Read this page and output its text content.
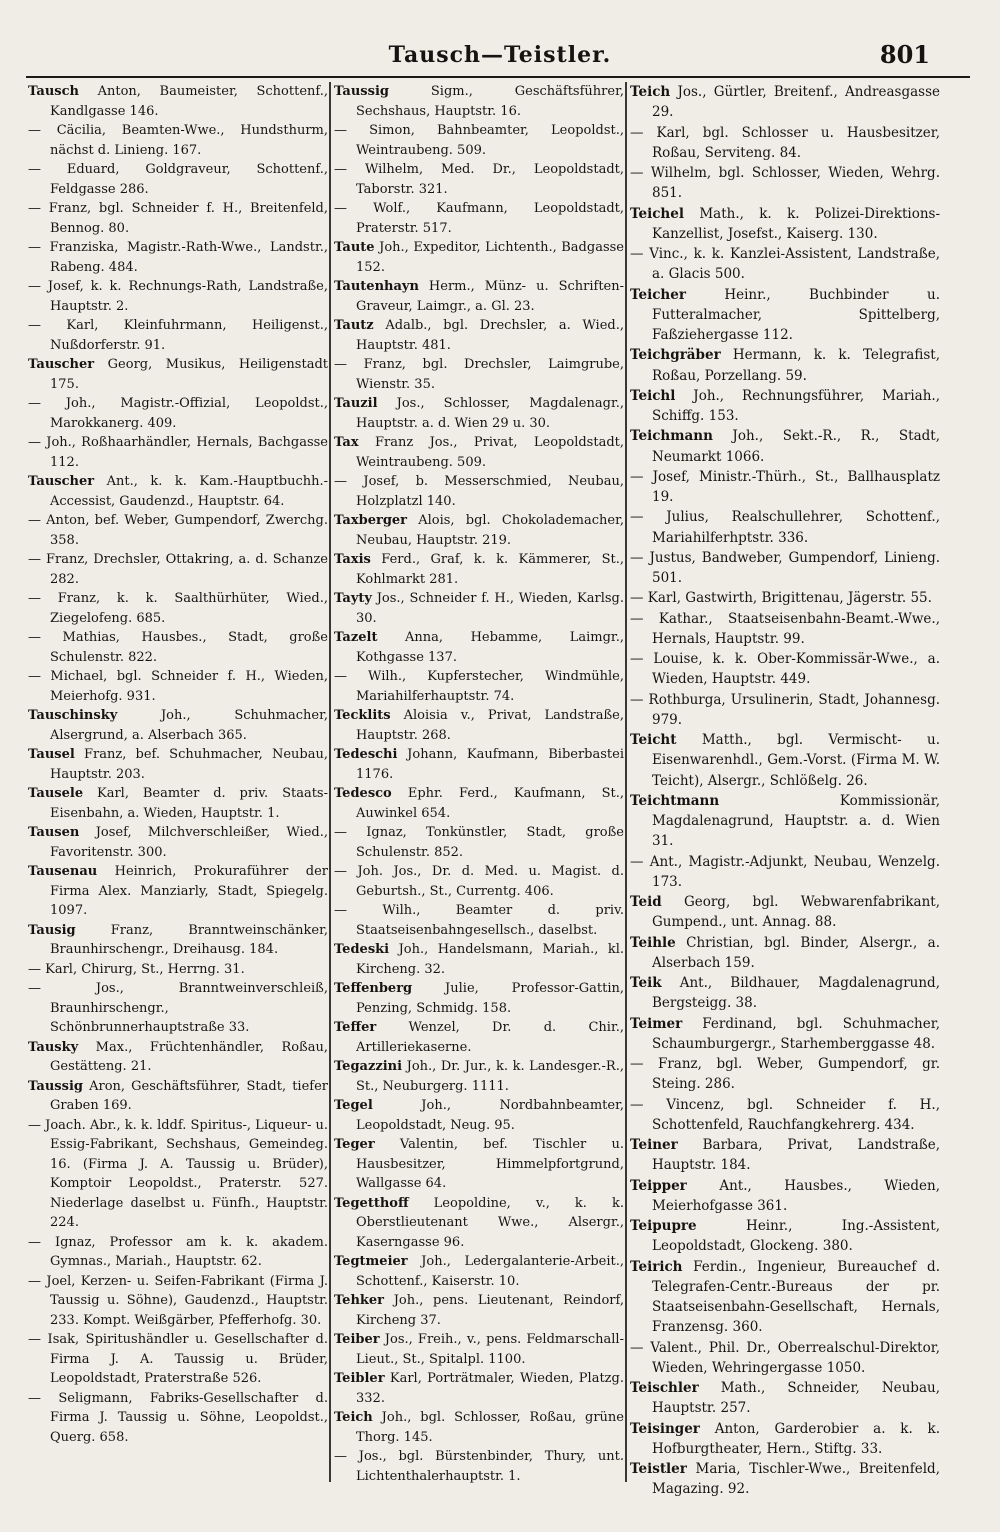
Tausch—Teistler.	801

Tausch Anton, Baumeister, Schottenf., Kandlgasse 146.

— Cäcilia, Beamten-Wwe., Hundsthurm, nächst d. Linieng. 167.

— Eduard, Goldgraveur, Schottenf., Feldgasse 286.

— Franz, bgl. Schneider f. H., Breitenfeld, Bennog. 80.

— Franziska, Magistr.-Rath-Wwe., Landstr., Rabeng. 484.

— Josef, k. k. Rechnungs-Rath, Landstraße, Hauptstr. 2.

— Karl, Kleinfuhrmann, Heiligenst., Nußdorferstr. 91.

Tauscher Georg, Musikus, Heiligenstadt 175.

— Joh., Magistr.-Offizial, Leopoldst., Marokkanerg. 409.

— Joh., Roßhaarhändler, Hernals, Bachgasse 112.

Tauscher Ant., k. k. Kam.-Hauptbuchh.-Accessist, Gaudenzd., Hauptstr. 64.

— Anton, bef. Weber, Gumpendorf, Zwerchg. 358.

— Franz, Drechsler, Ottakring, a. d. Schanze 282.

— Franz, k. k. Saalthürhüter, Wied., Ziegelofeng. 685.

— Mathias, Hausbes., Stadt, große Schulenstr. 822.

— Michael, bgl. Schneider f. H., Wieden, Meierhofg. 931.

Tauschinsky Joh., Schuhmacher, Alsergrund, a. Alserbach 365.

Tausel Franz, bef. Schuhmacher, Neubau, Hauptstr. 203.

Tausele Karl, Beamter d. priv. Staats-Eisenbahn, a. Wieden, Hauptstr. 1.

Tausen Josef, Milchverschleißer, Wied., Favoritenstr. 300.

Tausenau Heinrich, Prokuraführer der Firma Alex. Manziarly, Stadt, Spiegelg. 1097.

Tausig Franz, Branntweinschänker, Braunhirschengr., Dreihausg. 184.

— Karl, Chirurg, St., Herrng. 31.

— Jos., Branntweinverschleiß, Braunhirschengr., Schönbrunnerhauptstraße 33.

Tausky Max., Früchtenhändler, Roßau, Gestätteng. 21.

Taussig Aron, Geschäftsführer, Stadt, tiefer Graben 169.

— Joach. Abr., k. k. lddf. Spiritus-, Liqueur- u. Essig-Fabrikant, Sechshaus, Gemeindeg. 16. (Firma J. A. Taussig u. Brüder), Komptoir Leopoldst., Praterstr. 527. Niederlage daselbst u. Fünfh., Hauptstr. 224.

— Ignaz, Professor am k. k. akadem. Gymnas., Mariah., Hauptstr. 62.

— Joel, Kerzen- u. Seifen-Fabrikant (Firma J. Taussig u. Söhne), Gaudenzd., Hauptstr. 233. Kompt. Weißgärber, Pfefferhofg. 30.

— Isak, Spiritushändler u. Gesellschafter d. Firma J. A. Taussig u. Brüder, Leopoldstadt, Praterstraße 526.

— Seligmann, Fabriks-Gesellschafter d. Firma J. Taussig u. Söhne, Leopoldst., Querg. 658.

Taussig Sigm., Geschäftsführer, Sechshaus, Hauptstr. 16.

— Simon, Bahnbeamter, Leopoldst., Weintraubeng. 509.

— Wilhelm, Med. Dr., Leopoldstadt, Taborstr. 321.

— Wolf., Kaufmann, Leopoldstadt, Praterstr. 517.

Taute Joh., Expeditor, Lichtenth., Badgasse 152.

Tautenhayn Herm., Münz- u. Schriften-Graveur, Laimgr., a. Gl. 23.

Tautz Adalb., bgl. Drechsler, a. Wied., Hauptstr. 481.

— Franz, bgl. Drechsler, Laimgrube, Wienstr. 35.

Tauzil Jos., Schlosser, Magdalenagr., Hauptstr. a. d. Wien 29 u. 30.

Tax Franz Jos., Privat, Leopoldstadt, Weintraubeng. 509.

— Josef, b. Messerschmied, Neubau, Holzplatzl 140.

Taxberger Alois, bgl. Chokolademacher, Neubau, Hauptstr. 219.

Taxis Ferd., Graf, k. k. Kämmerer, St., Kohlmarkt 281.

Tayty Jos., Schneider f. H., Wieden, Karlsg. 30.

Tazelt Anna, Hebamme, Laimgr., Kothgasse 137.

— Wilh., Kupferstecher, Windmühle, Mariahilferhauptstr. 74.

Tecklits Aloisia v., Privat, Landstraße, Hauptstr. 268.

Tedeschi Johann, Kaufmann, Biberbastei 1176.

Tedesco Ephr. Ferd., Kaufmann, St., Auwinkel 654.

— Ignaz, Tonkünstler, Stadt, große Schulenstr. 852.

— Joh. Jos., Dr. d. Med. u. Magist. d. Geburtsh., St., Currentg. 406.

— Wilh., Beamter d. priv. Staatseisenbahngesellsch., daselbst.

Tedeski Joh., Handelsmann, Mariah., kl. Kircheng. 32.

Teffenberg Julie, Professor-Gattin, Penzing, Schmidg. 158.

Teffer Wenzel, Dr. d. Chir., Artilleriekaserne.

Tegazzini Joh., Dr. Jur., k. k. Landesger.-R., St., Neuburgerg. 1111.

Tegel Joh., Nordbahnbeamter, Leopoldstadt, Neug. 95.

Teger Valentin, bef. Tischler u. Hausbesitzer, Himmelpfortgrund, Wallgasse 64.

Tegetthoff Leopoldine, v., k. k. Oberstlieutenant Wwe., Alsergr., Kaserngasse 96.

Tegtmeier Joh., Ledergalanterie-Arbeit., Schottenf., Kaiserstr. 10.

Tehker Joh., pens. Lieutenant, Reindorf, Kircheng 37.

Teiber Jos., Freih., v., pens. Feldmarschall-Lieut., St., Spitalpl. 1100.

Teibler Karl, Porträtmaler, Wieden, Platzg. 332.

Teich Joh., bgl. Schlosser, Roßau, grüne Thorg. 145.

— Jos., bgl. Bürstenbinder, Thury, unt. Lichtenthalerhauptstr. 1.

Teich Jos., Gürtler, Breitenf., Andreasgasse 29.

— Karl, bgl. Schlosser u. Hausbesitzer, Roßau, Serviteng. 84.

— Wilhelm, bgl. Schlosser, Wieden, Wehrg. 851.

Teichel Math., k. k. Polizei-Direktions-Kanzellist, Josefst., Kaiserg. 130.

— Vinc., k. k. Kanzlei-Assistent, Landstraße, a. Glacis 500.

Teicher Heinr., Buchbinder u. Futteralmacher, Spittelberg, Faßziehergasse 112.

Teichgräber Hermann, k. k. Telegrafist, Roßau, Porzellang. 59.

Teichl Joh., Rechnungsführer, Mariah., Schiffg. 153.

Teichmann Joh., Sekt.-R., R., Stadt, Neumarkt 1066.

— Josef, Ministr.-Thürh., St., Ballhausplatz 19.

— Julius, Realschullehrer, Schottenf., Mariahilferhptstr. 336.

— Justus, Bandweber, Gumpendorf, Linieng. 501.

— Karl, Gastwirth, Brigittenau, Jägerstr. 55.

— Kathar., Staatseisenbahn-Beamt.-Wwe., Hernals, Hauptstr. 99.

— Louise, k. k. Ober-Kommissär-Wwe., a. Wieden, Hauptstr. 449.

— Rothburga, Ursulinerin, Stadt, Johannesg. 979.

Teicht Matth., bgl. Vermischt- u. Eisenwarenhdl., Gem.-Vorst. (Firma M. W. Teicht), Alsergr., Schlößelg. 26.

Teichtmann Kommissionär, Magdalenagrund, Hauptstr. a. d. Wien 31.

— Ant., Magistr.-Adjunkt, Neubau, Wenzelg. 173.

Teid Georg, bgl. Webwarenfabrikant, Gumpend., unt. Annag. 88.

Teihle Christian, bgl. Binder, Alsergr., a. Alserbach 159.

Teik Ant., Bildhauer, Magdalenagrund, Bergsteigg. 38.

Teimer Ferdinand, bgl. Schuhmacher, Schaumburgergr., Starhemberggasse 48.

— Franz, bgl. Weber, Gumpendorf, gr. Steing. 286.

— Vincenz, bgl. Schneider f. H., Schottenfeld, Rauchfangkehrerg. 434.

Teiner Barbara, Privat, Landstraße, Hauptstr. 184.

Teipper Ant., Hausbes., Wieden, Meierhofgasse 361.

Teipupre Heinr., Ing.-Assistent, Leopoldstadt, Glockeng. 380.

Teirich Ferdin., Ingenieur, Bureauchef d. Telegrafen-Centr.-Bureaus der pr. Staatseisenbahn-Gesellschaft, Hernals, Franzensg. 360.

— Valent., Phil. Dr., Oberrealschul-Direktor, Wieden, Wehringergasse 1050.

Teischler Math., Schneider, Neubau, Hauptstr. 257.

Teisinger Anton, Garderobier a. k. k. Hofburgtheater, Hern., Stiftg. 33.

Teistler Maria, Tischler-Wwe., Breitenfeld, Magazing. 92.
